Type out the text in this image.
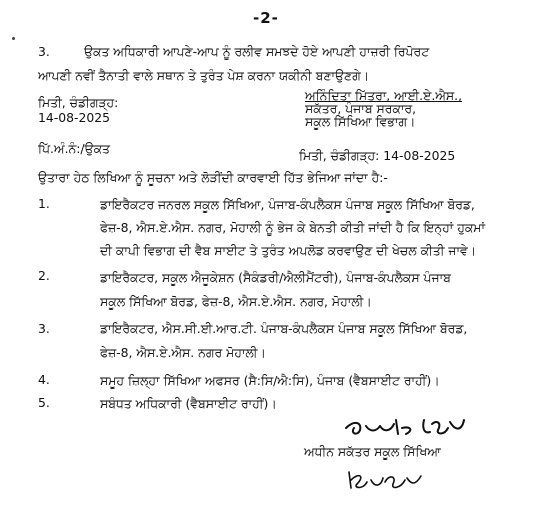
-2-
3.	ਉਕਤ ਅਧਿਕਾਰੀ ਆਪਣੇ-ਆਪ ਨੂੰ ਰਲੀਵ ਸਮਝਦੇ ਹੋਏ ਆਪਣੀ ਹਾਜ਼ਰੀ ਰਿਪੋਰਟ
ਆਪਣੀ ਨਵੀਂ ਤੈਨਾਤੀ ਵਾਲੇ ਸਥਾਨ ਤੇ ਤੁਰੰਤ ਪੇਸ਼ ਕਰਨਾ ਯਕੀਨੀ ਬਣਾਉਣਗੇ।
ਮਿਤੀ, ਚੰਡੀਗੜ੍ਹ:
14-08-2025
ਅਨਿੰਦਿਤਾ ਮਿੱਤਰਾ, ਆਈ.ਏ.ਐਸ.,
ਸਕੱਤਰ, ਪੰਜਾਬ ਸਰਕਾਰ,
ਸਕੂਲ ਸਿੱਖਿਆ ਵਿਭਾਗ।
ਪਿੱ.ਅੰ.ਨੰ:/ਉਕਤ	ਮਿਤੀ, ਚੰਡੀਗੜ੍ਹ: 14-08-2025
ਉਤਾਰਾ ਹੇਠ ਲਿਖਿਆ ਨੂੰ ਸੂਚਨਾ ਅਤੇ ਲੋੜੀਂਦੀ ਕਾਰਵਾਈ ਹਿੱਤ ਭੇਜਿਆ ਜਾਂਦਾ ਹੈ:-
1.	ਡਾਇਰੈਕਟਰ ਜਨਰਲ ਸਕੂਲ ਸਿੱਖਿਆ, ਪੰਜਾਬ-ਕੰਪਲੈਕਸ ਪੰਜਾਬ ਸਕੂਲ ਸਿੱਖਿਆ ਬੋਰਡ,
ਫੇਜ਼-8, ਐਸ.ਏ.ਐਸ. ਨਗਰ, ਮੋਹਾਲੀ ਨੂੰ ਭੇਜ ਕੇ ਬੇਨਤੀ ਕੀਤੀ ਜਾਂਦੀ ਹੈ ਕਿ ਇਨ੍ਹਾਂ ਹੁਕਮਾਂ
ਦੀ ਕਾਪੀ ਵਿਭਾਗ ਦੀ ਵੈਬ ਸਾਈਟ ਤੇ ਤੁਰੰਤ ਅਪਲੋਡ ਕਰਵਾਉਣ ਦੀ ਖੇਚਲ ਕੀਤੀ ਜਾਵੇ।
2.	ਡਾਇਰੈਕਟਰ, ਸਕੂਲ ਐਜੂਕੇਸ਼ਨ (ਸੈਕੰਡਰੀ/ਐਲੀਮੈਂਟਰੀ), ਪੰਜਾਬ-ਕੰਪਲੈਕਸ ਪੰਜਾਬ
ਸਕੂਲ ਸਿੱਖਿਆ ਬੋਰਡ, ਫੇਜ਼-8, ਐਸ.ਏ.ਐਸ. ਨਗਰ, ਮੋਹਾਲੀ।
3.	ਡਾਇਰੈਕਟਰ, ਐਸ.ਸੀ.ਈ.ਆਰ.ਟੀ. ਪੰਜਾਬ-ਕੰਪਲੈਕਸ ਪੰਜਾਬ ਸਕੂਲ ਸਿੱਖਿਆ ਬੋਰਡ,
ਫੇਜ਼-8, ਐਸ.ਏ.ਐਸ. ਨਗਰ ਮੋਹਾਲੀ।
4.	ਸਮੂਹ ਜ਼ਿਲ੍ਹਾ ਸਿੱਖਿਆ ਅਫਸਰ (ਸੈ:ਸਿ/ਐ:ਸਿ), ਪੰਜਾਬ (ਵੈਬਸਾਈਟ ਰਾਹੀਂ)।
5.	ਸਬੰਧਤ ਅਧਿਕਾਰੀ (ਵੈਬਸਾਈਟ ਰਾਹੀਂ)।
ਅਧੀਨ ਸਕੱਤਰ ਸਕੂਲ ਸਿੱਖਿਆ
